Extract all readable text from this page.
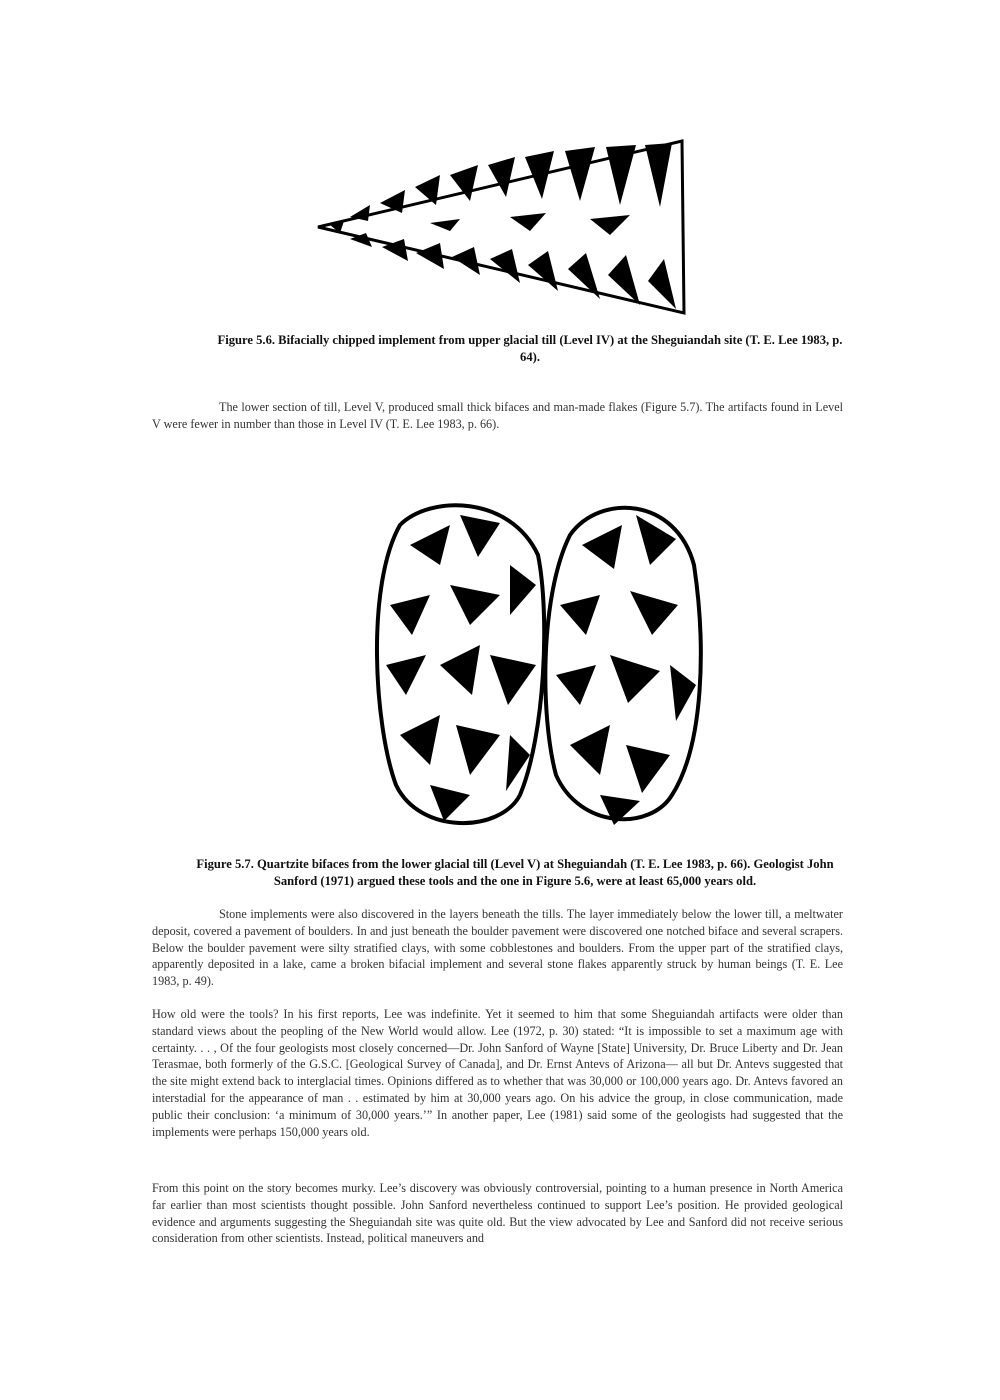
Figure 5.6. Bifacially chipped implement from upper glacial till (Level IV) at the Sheguiandah site (T. E. Lee 1983, p. 64).

The lower section of till, Level V, produced small thick bifaces and man-made flakes (Figure 5.7). The artifacts found in Level V were fewer in number than those in Level IV (T. E. Lee 1983, p. 66).

Figure 5.7. Quartzite bifaces from the lower glacial till (Level V) at Sheguiandah (T. E. Lee 1983, p. 66). Geologist John Sanford (1971) argued these tools and the one in Figure 5.6, were at least 65,000 years old.

Stone implements were also discovered in the layers beneath the tills. The layer immediately below the lower till, a meltwater deposit, covered a pavement of boulders. In and just beneath the boulder pavement were discovered one notched biface and several scrapers. Below the boulder pavement were silty stratified clays, with some cobblestones and boulders. From the upper part of the stratified clays, apparently deposited in a lake, came a broken bifacial implement and several stone flakes apparently struck by human beings (T. E. Lee 1983, p. 49).

How old were the tools? In his first reports, Lee was indefinite. Yet it seemed to him that some Sheguiandah artifacts were older than standard views about the peopling of the New World would allow. Lee (1972, p. 30) stated: “It is impossible to set a maximum age with certainty. . . , Of the four geologists most closely concerned—Dr. John Sanford of Wayne [State] University, Dr. Bruce Liberty and Dr. Jean Terasmae, both formerly of the G.S.C. [Geological Survey of Canada], and Dr. Ernst Antevs of Arizona— all but Dr. Antevs suggested that the site might extend back to interglacial times. Opinions differed as to whether that was 30,000 or 100,000 years ago. Dr. Antevs favored an interstadial for the appearance of man . . estimated by him at 30,000 years ago. On his advice the group, in close communication, made public their conclusion: ‘a minimum of 30,000 years.’” In another paper, Lee (1981) said some of the geologists had suggested that the implements were perhaps 150,000 years old.

From this point on the story becomes murky. Lee’s discovery was obviously controversial, pointing to a human presence in North America far earlier than most scientists thought possible. John Sanford nevertheless continued to support Lee’s position. He provided geological evidence and arguments suggesting the Sheguiandah site was quite old. But the view advocated by Lee and Sanford did not receive serious consideration from other scientists. Instead, political maneuvers and
